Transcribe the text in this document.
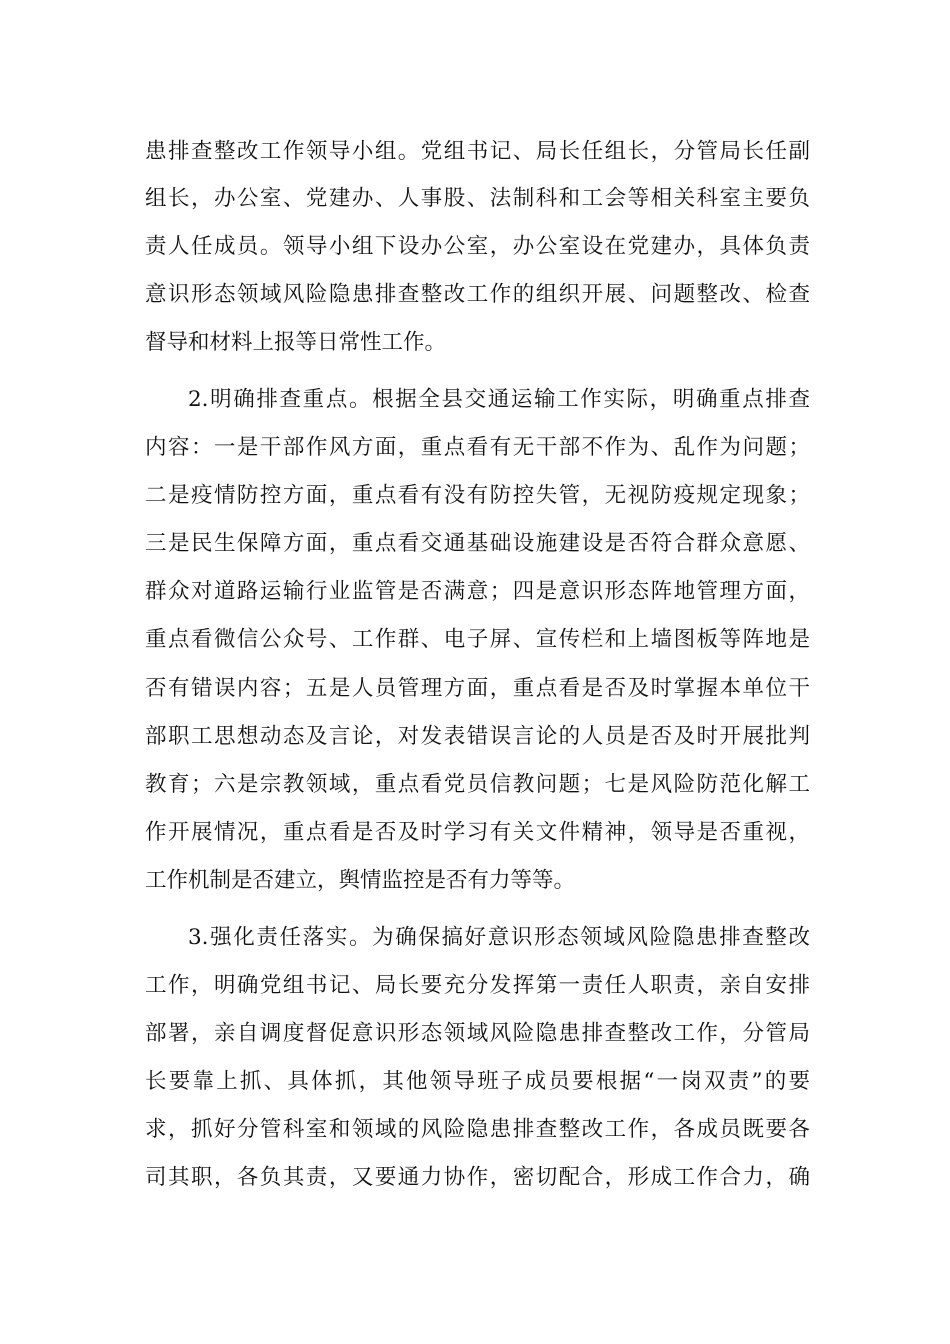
患排查整改工作领导小组。党组书记、局长任组长，分管局长任副
组长，办公室、党建办、人事股、法制科和工会等相关科室主要负
责人任成员。领导小组下设办公室，办公室设在党建办，具体负责
意识形态领域风险隐患排查整改工作的组织开展、问题整改、检查
督导和材料上报等日常性工作。
2.明确排查重点。根据全县交通运输工作实际，明确重点排查
内容：一是干部作风方面，重点看有无干部不作为、乱作为问题；
二是疫情防控方面，重点看有没有防控失管，无视防疫规定现象；
三是民生保障方面，重点看交通基础设施建设是否符合群众意愿、
群众对道路运输行业监管是否满意；四是意识形态阵地管理方面，
重点看微信公众号、工作群、电子屏、宣传栏和上墙图板等阵地是
否有错误内容；五是人员管理方面，重点看是否及时掌握本单位干
部职工思想动态及言论，对发表错误言论的人员是否及时开展批判
教育；六是宗教领域，重点看党员信教问题；七是风险防范化解工
作开展情况，重点看是否及时学习有关文件精神，领导是否重视，
工作机制是否建立，舆情监控是否有力等等。
3.强化责任落实。为确保搞好意识形态领域风险隐患排查整改
工作，明确党组书记、局长要充分发挥第一责任人职责，亲自安排
部署，亲自调度督促意识形态领域风险隐患排查整改工作，分管局
长要靠上抓、具体抓，其他领导班子成员要根据“一岗双责”的要
求，抓好分管科室和领域的风险隐患排查整改工作，各成员既要各
司其职，各负其责，又要通力协作，密切配合，形成工作合力，确
